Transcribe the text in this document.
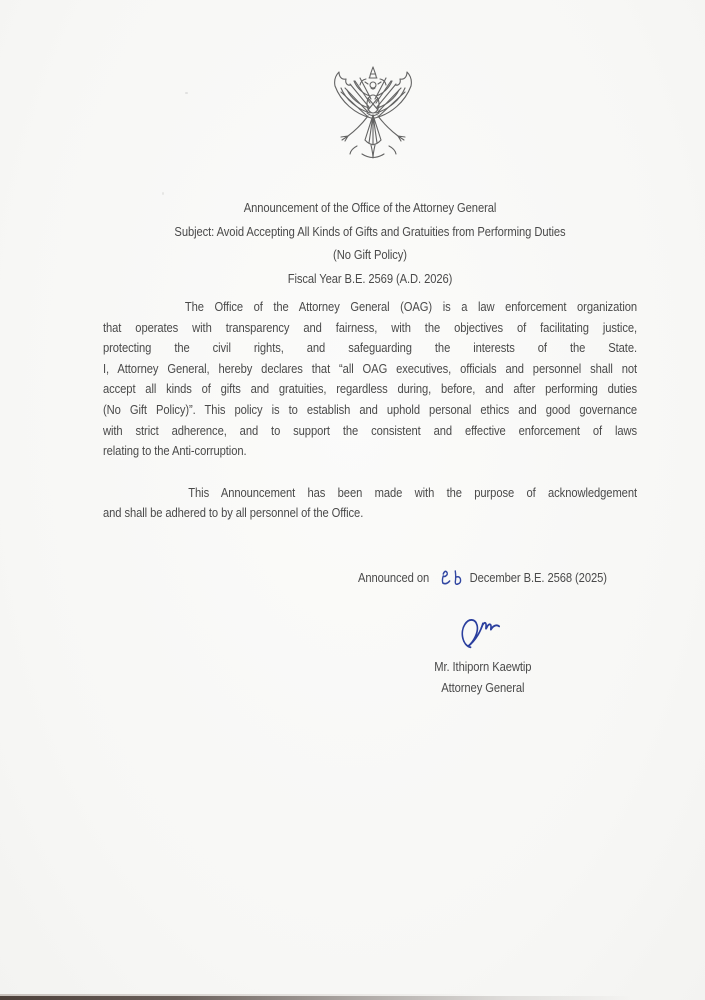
Announcement of the Office of the Attorney General
Subject: Avoid Accepting All Kinds of Gifts and Gratuities from Performing Duties
(No Gift Policy)
Fiscal Year B.E. 2569 (A.D. 2026)
The Office of the Attorney General (OAG) is a law enforcement organization
that operates with transparency and fairness, with the objectives of facilitating justice,
protecting the civil rights, and safeguarding the interests of the State.
I, Attorney General, hereby declares that “all OAG executives, officials and personnel shall not
accept all kinds of gifts and gratuities, regardless during, before, and after performing duties
(No Gift Policy)”. This policy is to establish and uphold personal ethics and good governance
with strict adherence, and to support the consistent and effective enforcement of laws
relating to the Anti-corruption.
This Announcement has been made with the purpose of acknowledgement
and shall be adhered to by all personnel of the Office.
Announced on	December B.E. 2568 (2025)
Mr. Ithiporn Kaewtip
Attorney General
